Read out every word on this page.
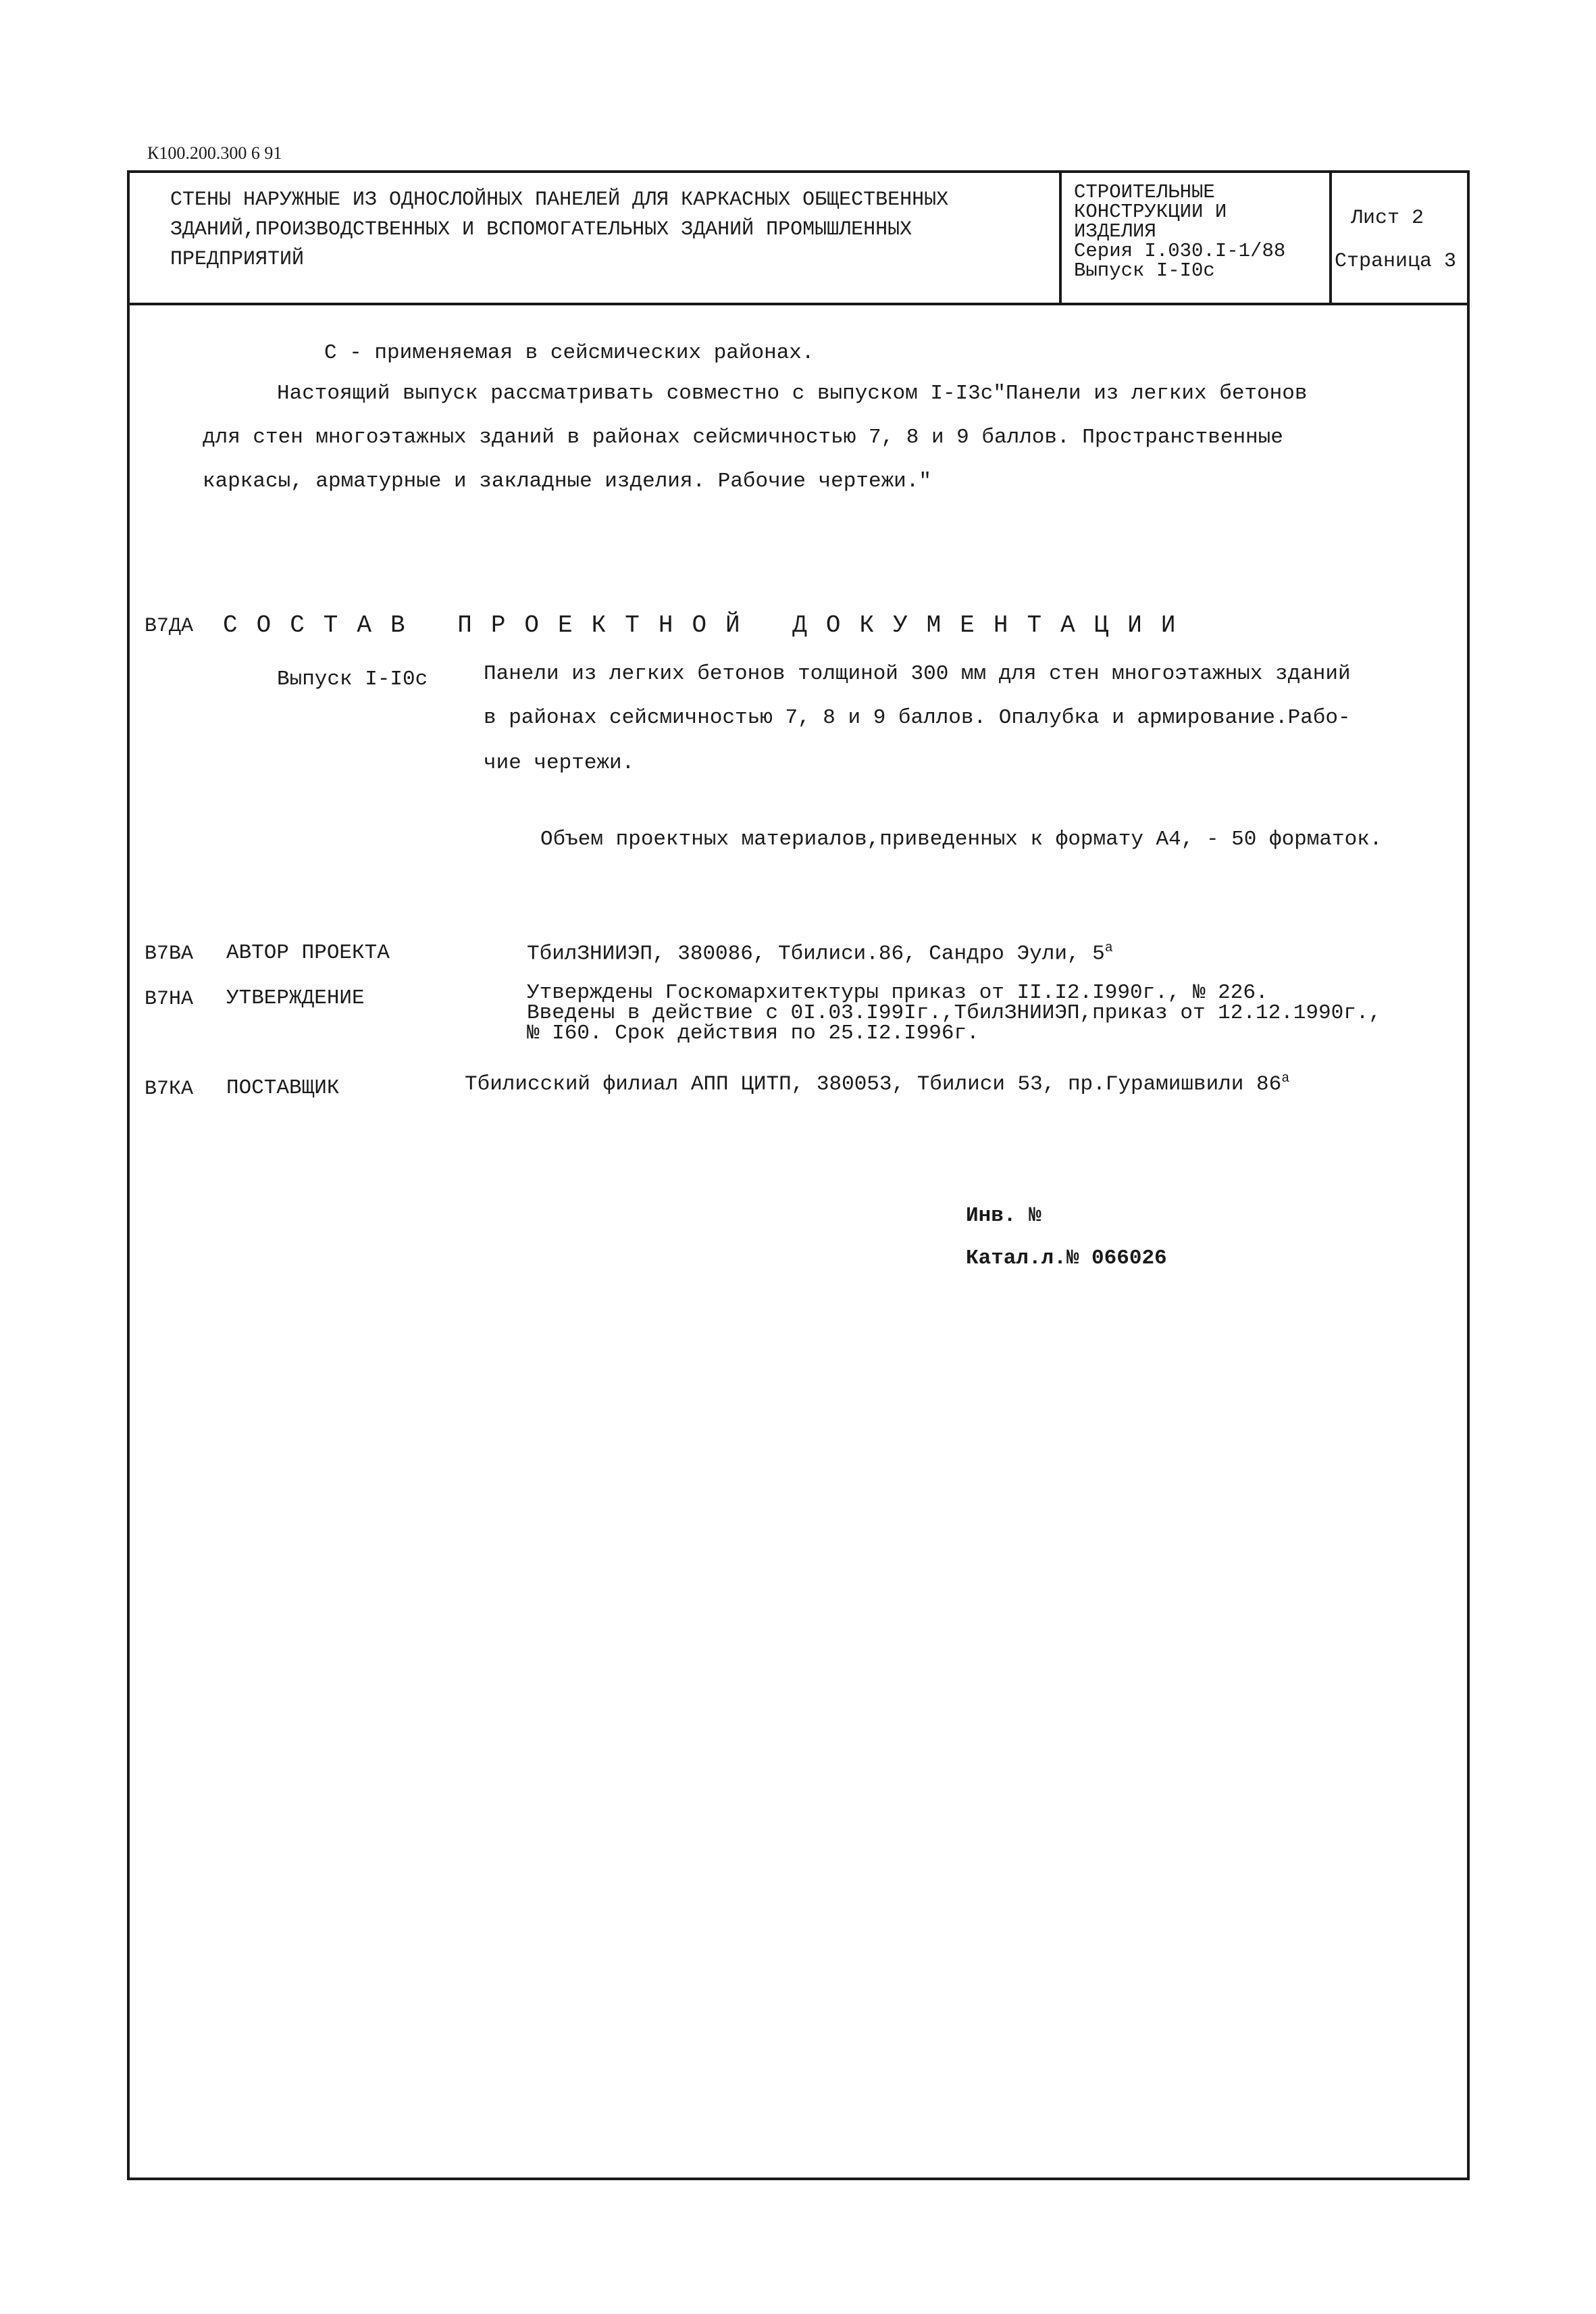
К100.200.300 6 91
СТЕНЫ НАРУЖНЫЕ ИЗ ОДНОСЛОЙНЫХ ПАНЕЛЕЙ ДЛЯ КАРКАСНЫХ ОБЩЕСТВЕННЫХ
ЗДАНИЙ,ПРОИЗВОДСТВЕННЫХ И ВСПОМОГАТЕЛЬНЫХ ЗДАНИЙ ПРОМЫШЛЕННЫХ
ПРЕДПРИЯТИЙ
СТРОИТЕЛЬНЫЕ
КОНСТРУКЦИИ И
ИЗДЕЛИЯ
Серия I.030.I-1/88
Выпуск I-I0с
Лист 2
Страница 3
С - применяемая в сейсмических районах.
Настоящий выпуск рассматривать совместно с выпуском I-I3с"Панели из легких бетонов
для стен многоэтажных зданий в районах сейсмичностью 7, 8 и 9 баллов. Пространственные
каркасы, арматурные и закладные изделия. Рабочие чертежи."
В7ДА СОСТАВ ПРОЕКТНОЙ ДОКУМЕНТАЦИИ
Выпуск I-I0с	Панели из легких бетонов толщиной 300 мм для стен многоэтажных зданий
в районах сейсмичностью 7, 8 и 9 баллов. Опалубка и армирование.Рабо-
чие чертежи.
Объем проектных материалов,приведенных к формату А4, - 50 форматок.
В7ВА АВТОР ПРОЕКТА	ТбилЗНИИЭП, 380086, Тбилиси.86, Сандро Эули, $5^а$
В7НА УТВЕРЖДЕНИЕ	Утверждены Госкомархитектуры приказ от II.I2.I990г., № 226.
Введены в действие с 0I.03.I99Iг.,ТбилЗНИИЭП,приказ от 12.12.1990г.,
№ I60. Срок действия по 25.I2.I996г.
В7КА ПОСТАВЩИК	Тбилисский филиал АПП ЦИТП, 380053, Тбилиси 53, пр.Гурамишвили $86^а$
Инв. №
Катал.л.№ 066026
